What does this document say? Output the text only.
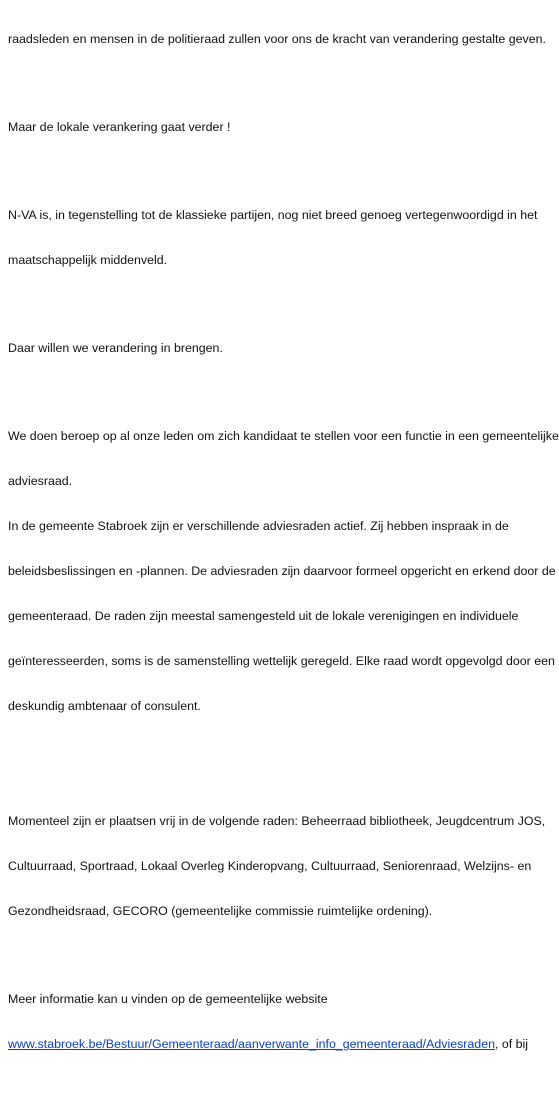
raadsleden en mensen in de politieraad zullen voor ons de kracht van verandering gestalte geven.

Maar de lokale verankering gaat verder !

N-VA is, in tegenstelling tot de klassieke partijen, nog niet breed genoeg vertegenwoordigd in het

maatschappelijk middenveld.

Daar willen we verandering in brengen.

We doen beroep op al onze leden om zich kandidaat te stellen voor een functie in een gemeentelijke

adviesraad.

In de gemeente Stabroek zijn er verschillende adviesraden actief. Zij hebben inspraak in de

beleidsbeslissingen en -plannen. De adviesraden zijn daarvoor formeel opgericht en erkend door de

gemeenteraad. De raden zijn meestal samengesteld uit de lokale verenigingen en individuele

geïnteresseerden, soms is de samenstelling wettelijk geregeld. Elke raad wordt opgevolgd door een

deskundig ambtenaar of consulent.

Momenteel zijn er plaatsen vrij in de volgende raden: Beheerraad bibliotheek, Jeugdcentrum JOS,

Cultuurraad, Sportraad, Lokaal Overleg Kinderopvang, Cultuurraad, Seniorenraad, Welzijns- en

Gezondheidsraad, GECORO (gemeentelijke commissie ruimtelijke ordening).

Meer informatie kan u vinden op de gemeentelijke website

www.stabroek.be/Bestuur/Gemeenteraad/aanverwante_info_gemeenteraad/Adviesraden, of bij
